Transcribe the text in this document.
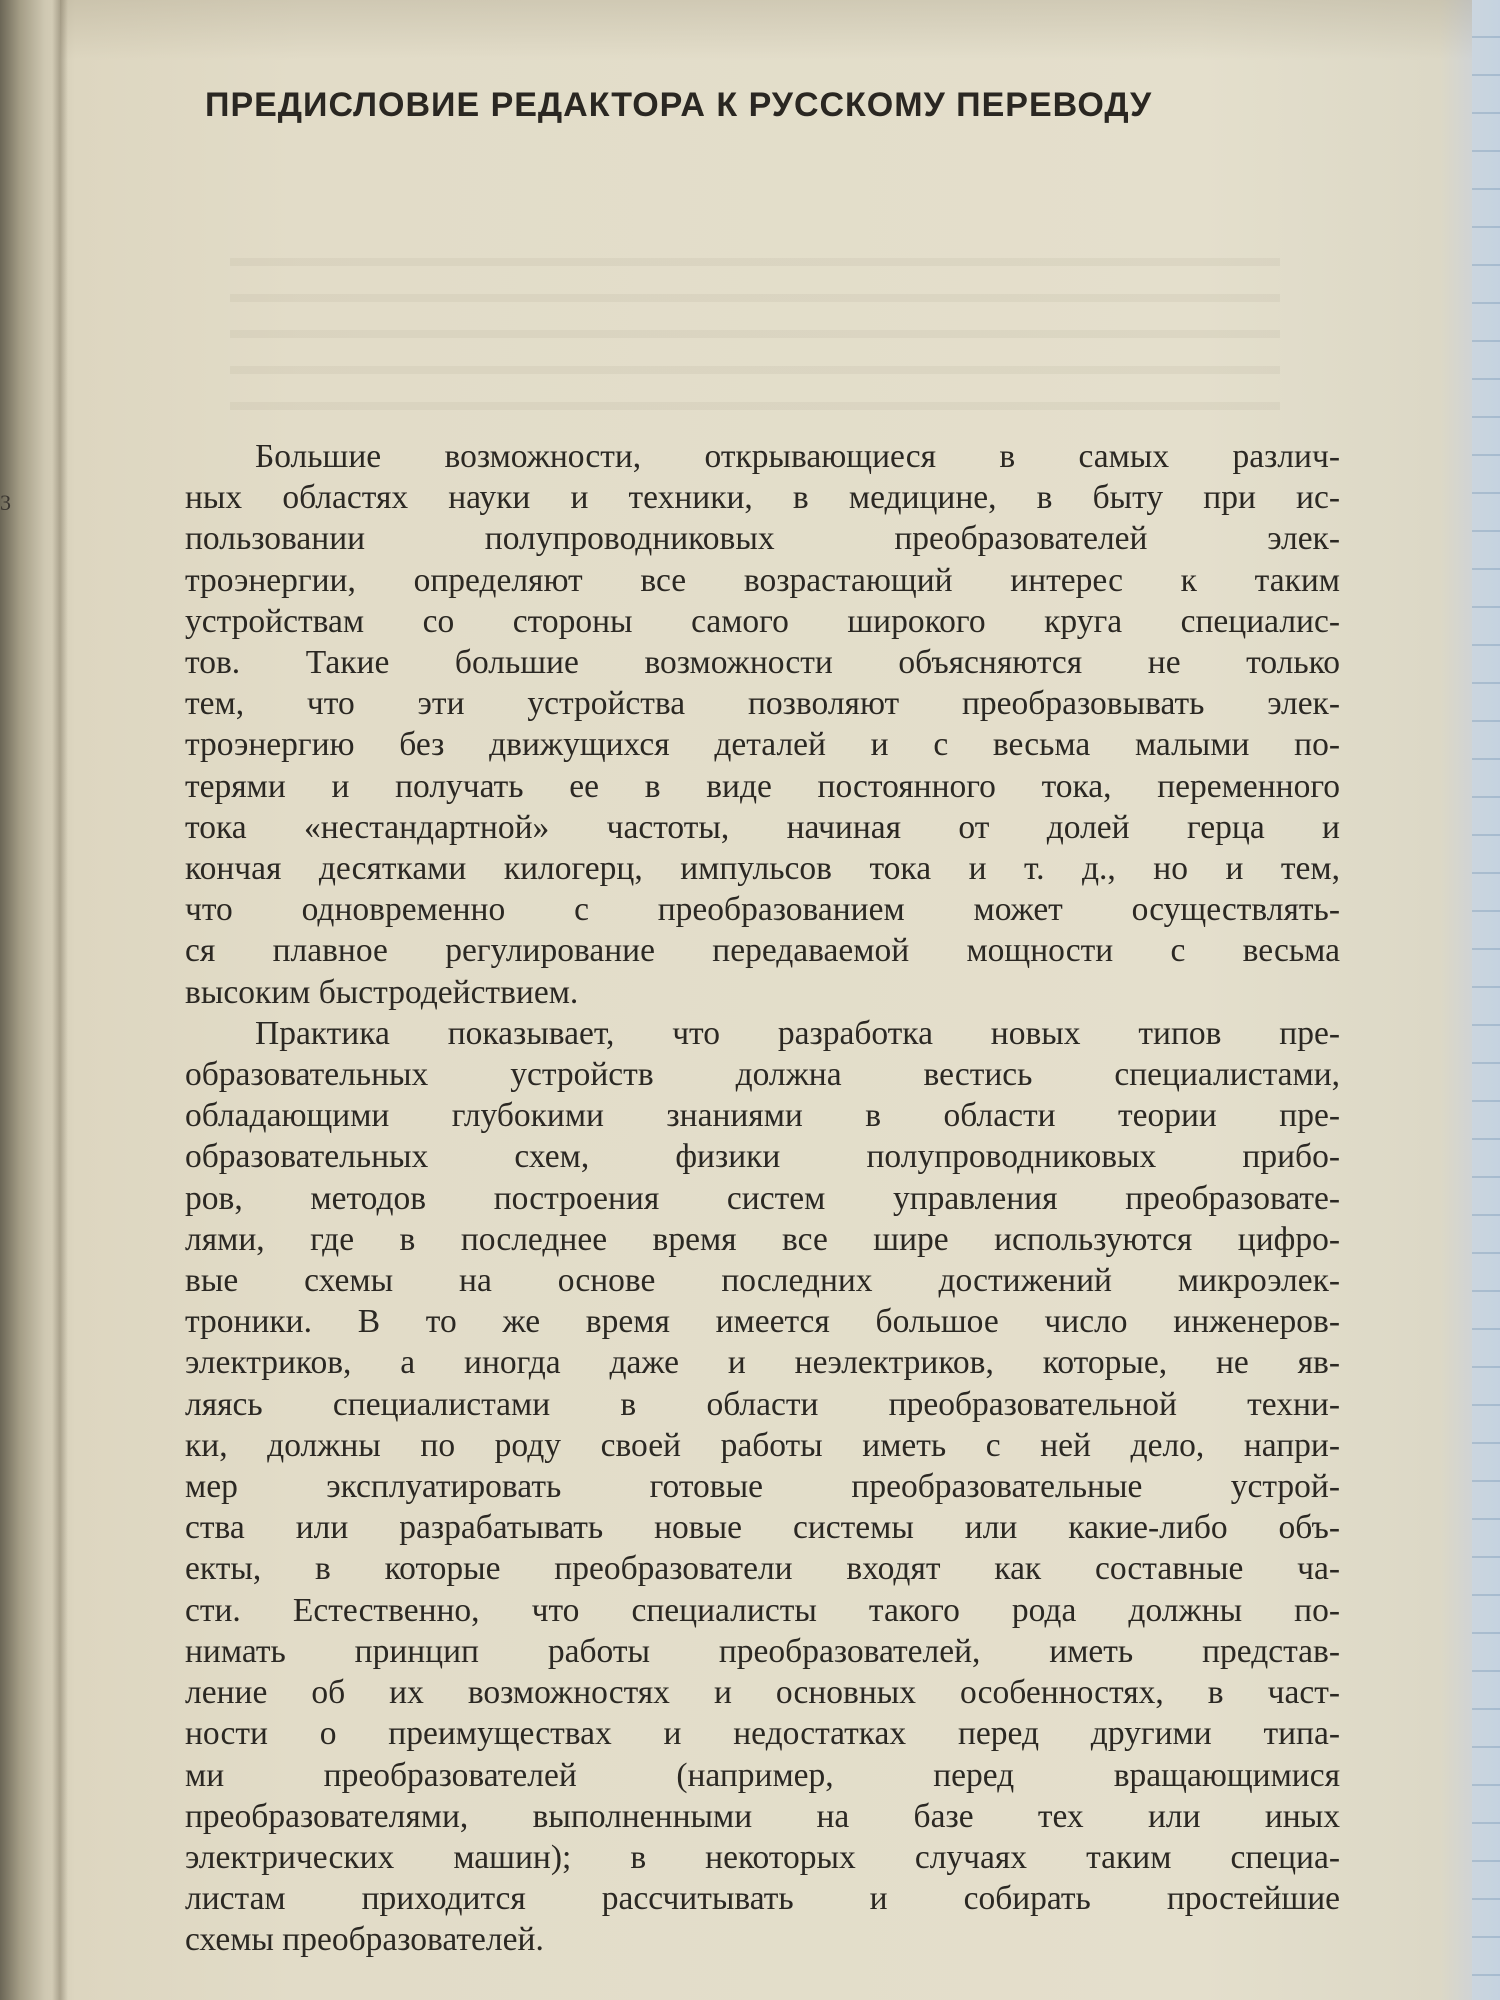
3
ПРЕДИСЛОВИЕ РЕДАКТОРА К РУССКОМУ ПЕРЕВОДУ
Большие возможности, открывающиеся в самых различ-
ных областях науки и техники, в медицине, в быту при ис-
пользовании полупроводниковых преобразователей элек-
троэнергии, определяют все возрастающий интерес к таким
устройствам со стороны самого широкого круга специалис-
тов. Такие большие возможности объясняются не только
тем, что эти устройства позволяют преобразовывать элек-
троэнергию без движущихся деталей и с весьма малыми по-
терями и получать ее в виде постоянного тока, переменного
тока «нестандартной» частоты, начиная от долей герца и
кончая десятками килогерц, импульсов тока и т. д., но и тем,
что одновременно с преобразованием может осуществлять-
ся плавное регулирование передаваемой мощности с весьма
высоким быстродействием.
Практика показывает, что разработка новых типов пре-
образовательных устройств должна вестись специалистами,
обладающими глубокими знаниями в области теории пре-
образовательных схем, физики полупроводниковых прибо-
ров, методов построения систем управления преобразовате-
лями, где в последнее время все шире используются цифро-
вые схемы на основе последних достижений микроэлек-
троники. В то же время имеется большое число инженеров-
электриков, а иногда даже и неэлектриков, которые, не яв-
ляясь специалистами в области преобразовательной техни-
ки, должны по роду своей работы иметь с ней дело, напри-
мер эксплуатировать готовые преобразовательные устрой-
ства или разрабатывать новые системы или какие-либо объ-
екты, в которые преобразователи входят как составные ча-
сти. Естественно, что специалисты такого рода должны по-
нимать принцип работы преобразователей, иметь представ-
ление об их возможностях и основных особенностях, в част-
ности о преимуществах и недостатках перед другими типа-
ми преобразователей (например, перед вращающимися
преобразователями, выполненными на базе тех или иных
электрических машин); в некоторых случаях таким специа-
листам приходится рассчитывать и собирать простейшие
схемы преобразователей.
